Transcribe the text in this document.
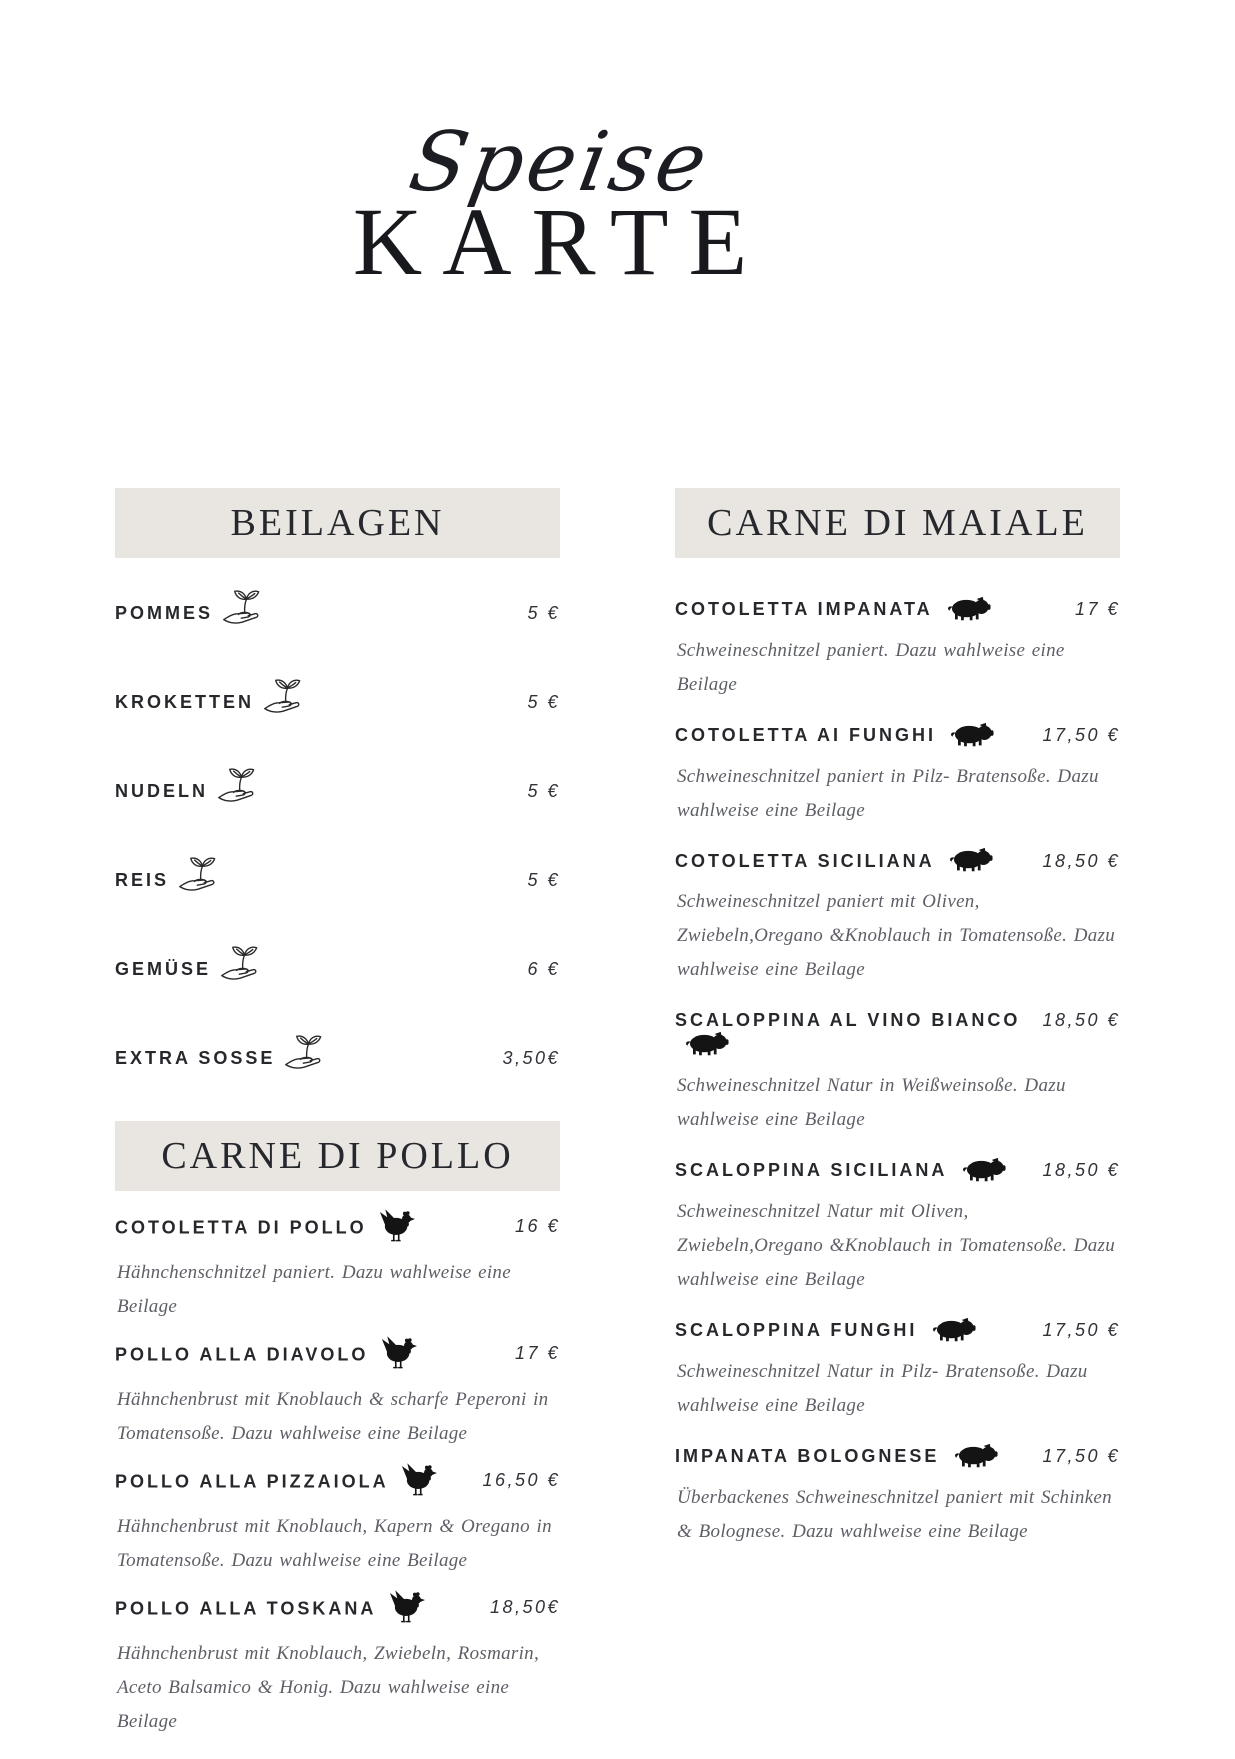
Speise
KARTE
BEILAGEN
POMMES	5 €
KROKETTEN	5 €
NUDELN	5 €
REIS	5 €
GEMÜSE	6 €
EXTRA SOSSE	3,50€
CARNE DI POLLO
COTOLETTA DI POLLO	16 €

Hähnchenschnitzel paniert. Dazu wahlweise eine Beilage

POLLO ALLA DIAVOLO	17 €

Hähnchenbrust mit Knoblauch & scharfe Peperoni in Tomatensoße. Dazu wahlweise eine Beilage

POLLO ALLA PIZZAIOLA	16,50 €

Hähnchenbrust mit Knoblauch, Kapern & Oregano in Tomatensoße. Dazu wahlweise eine Beilage

POLLO ALLA TOSKANA	18,50€

Hähnchenbrust mit Knoblauch, Zwiebeln, Rosmarin, Aceto Balsamico & Honig. Dazu wahlweise eine Beilage

CARNE DI MAIALE
COTOLETTA IMPANATA	17 €

Schweineschnitzel paniert. Dazu wahlweise eine Beilage

COTOLETTA AI FUNGHI	17,50 €

Schweineschnitzel paniert in Pilz- Bratensoße. Dazu wahlweise eine Beilage

COTOLETTA SICILIANA	18,50 €

Schweineschnitzel paniert mit Oliven, Zwiebeln,Oregano &Knoblauch in Tomatensoße. Dazu wahlweise eine Beilage

SCALOPPINA AL VINO BIANCO	18,50 €

Schweineschnitzel Natur in Weißweinsoße. Dazu wahlweise eine Beilage

SCALOPPINA SICILIANA	18,50 €

Schweineschnitzel Natur mit Oliven, Zwiebeln,Oregano &Knoblauch in Tomatensoße. Dazu wahlweise eine Beilage

SCALOPPINA FUNGHI	17,50 €

Schweineschnitzel Natur in Pilz- Bratensoße. Dazu wahlweise eine Beilage

IMPANATA BOLOGNESE	17,50 €

Überbackenes Schweineschnitzel paniert mit Schinken & Bolognese. Dazu wahlweise eine Beilage
